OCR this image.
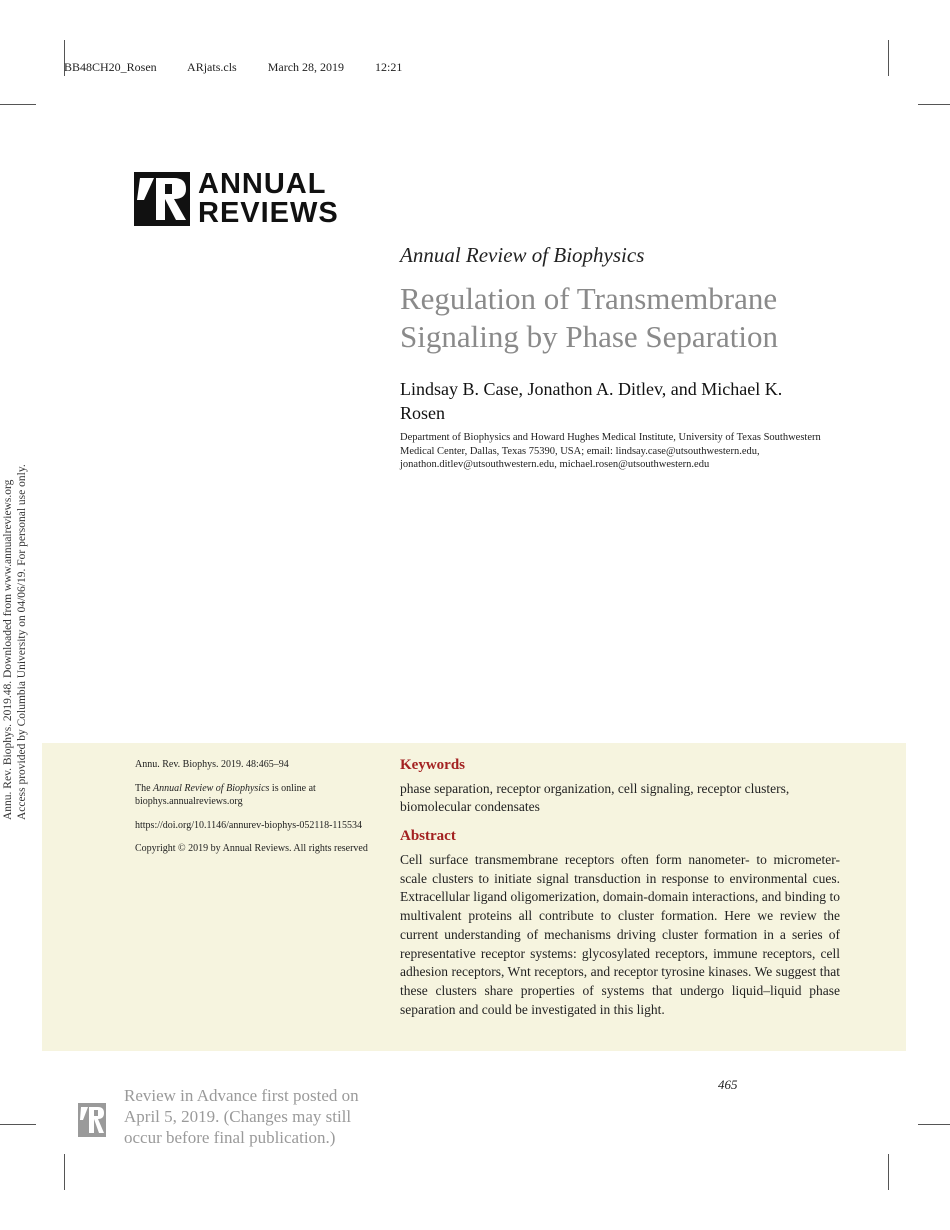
BB48CH20_Rosen	ARjats.cls	March 28, 2019	12:21
ANNUAL
REVIEWS
Annual Review of Biophysics
Regulation of Transmembrane Signaling by Phase Separation
Lindsay B. Case, Jonathon A. Ditlev, and Michael K. Rosen
Department of Biophysics and Howard Hughes Medical Institute, University of Texas Southwestern Medical Center, Dallas, Texas 75390, USA; email: lindsay.case@utsouthwestern.edu, jonathon.ditlev@utsouthwestern.edu, michael.rosen@utsouthwestern.edu
Annu. Rev. Biophys. 2019.48. Downloaded from www.annualreviews.org Access provided by Columbia University on 04/06/19. For personal use only.	Annu. Rev. Biophys. 2019. 48:465–94

The Annual Review of Biophysics is online at biophys.annualreviews.org

https://doi.org/10.1146/annurev-biophys-052118-115534

Copyright © 2019 by Annual Reviews. All rights reserved

Keywords

phase separation, receptor organization, cell signaling, receptor clusters, biomolecular condensates

Abstract

Cell surface transmembrane receptors often form nanometer- to micrometer-scale clusters to initiate signal transduction in response to environmental cues. Extracellular ligand oligomerization, domain-domain interactions, and binding to multivalent proteins all contribute to cluster formation. Here we review the current understanding of mechanisms driving cluster formation in a series of representative receptor systems: glycosylated receptors, immune receptors, cell adhesion receptors, Wnt receptors, and receptor tyrosine kinases. We suggest that these clusters share properties of systems that undergo liquid–liquid phase separation and could be investigated in this light.

465
Review in Advance first posted on April 5, 2019. (Changes may still occur before final publication.)
